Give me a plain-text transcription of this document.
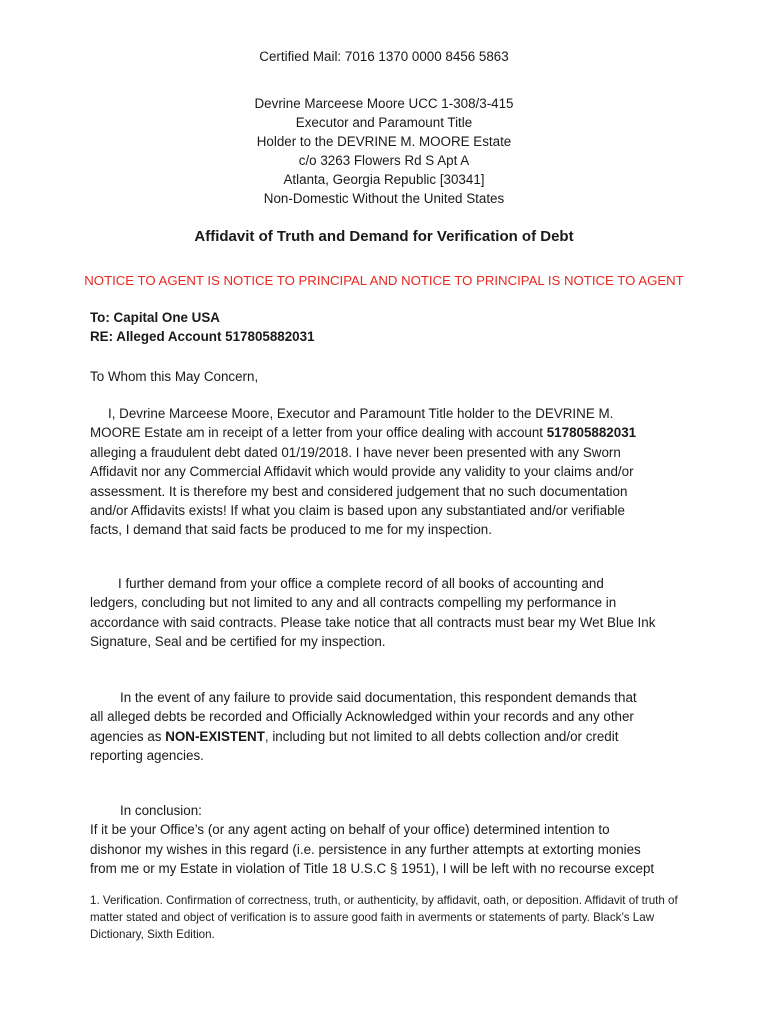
Certified Mail: 7016 1370 0000 8456 5863
Devrine Marceese Moore UCC 1-308/3-415
Executor and Paramount Title
Holder to the DEVRINE M. MOORE Estate
c/o 3263 Flowers Rd S Apt A
Atlanta, Georgia Republic [30341]
Non-Domestic Without the United States
Affidavit of Truth and Demand for Verification of Debt
NOTICE TO AGENT IS NOTICE TO PRINCIPAL AND NOTICE TO PRINCIPAL IS NOTICE TO AGENT
To: Capital One USA
RE: Alleged Account 517805882031
To Whom this May Concern,
I, Devrine Marceese Moore, Executor and Paramount Title holder to the DEVRINE M.
MOORE Estate am in receipt of a letter from your office dealing with account 517805882031
alleging a fraudulent debt dated 01/19/2018. I have never been presented with any Sworn
Affidavit nor any Commercial Affidavit which would provide any validity to your claims and/or
assessment. It is therefore my best and considered judgement that no such documentation
and/or Affidavits exists! If what you claim is based upon any substantiated and/or verifiable
facts, I demand that said facts be produced to me for my inspection.
I further demand from your office a complete record of all books of accounting and
ledgers, concluding but not limited to any and all contracts compelling my performance in
accordance with said contracts. Please take notice that all contracts must bear my Wet Blue Ink
Signature, Seal and be certified for my inspection.
In the event of any failure to provide said documentation, this respondent demands that
all alleged debts be recorded and Officially Acknowledged within your records and any other
agencies as NON-EXISTENT, including but not limited to all debts collection and/or credit
reporting agencies.
In conclusion:
If it be your Office’s (or any agent acting on behalf of your office) determined intention to
dishonor my wishes in this regard (i.e. persistence in any further attempts at extorting monies
from me or my Estate in violation of Title 18 U.S.C § 1951), I will be left with no recourse except
1. Verification. Confirmation of correctness, truth, or authenticity, by affidavit, oath, or deposition. Affidavit of truth of
matter stated and object of verification is to assure good faith in averments or statements of party. Black’s Law
Dictionary, Sixth Edition.
